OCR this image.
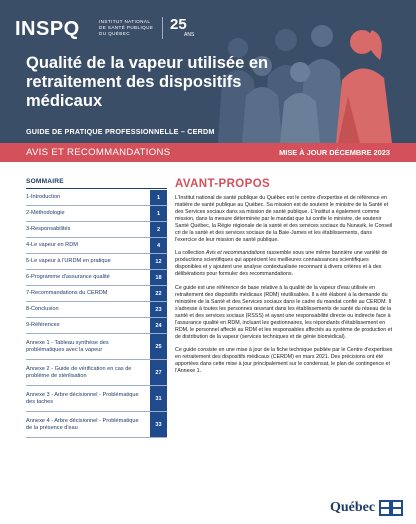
INSPQ	INSTITUT NATIONAL
DE SANTÉ PUBLIQUE
DU QUÉBEC
25
ANS
Qualité de la vapeur utilisée en retraitement des dispositifs médicaux
GUIDE DE PRATIQUE PROFESSIONNELLE – CERDM
AVIS ET RECOMMANDATIONS	MISE À JOUR DÉCEMBRE 2023
SOMMAIRE
1-Introduction	1
2-Méthodologie	1
3-Responsabilités	2
4-Le vapeur en RDM	4
5-Le vapeur à l'URDM en pratique	12
6-Programme d'assurance qualité	18
7-Recommandations du CERDM	22
8-Conclusion	23
9-Références	24
Annexe 1 - Tableau synthèse des problématiques avec la vapeur	25
Annexe 2 - Guide de vérification en cas de problème de stérilisation	27
Annexe 3 - Arbre décisionnel - Problématique des taches	31
Annexe 4 - Arbre décisionnel - Problématique de la présence d'eau	33
AVANT-PROPOS

L'Institut national de santé publique du Québec est le centre d'expertise et de référence en matière de santé publique au Québec. Sa mission est de soutenir le ministre de la Santé et des Services sociaux dans sa mission de santé publique. L'Institut a également comme mission, dans la mesure déterminée par le mandat que lui confie le ministre, de soutenir Santé Québec, la Régie régionale de la santé et des services sociaux du Nunavik, le Conseil cri de la santé et des services sociaux de la Baie-James et les établissements, dans l'exercice de leur mission de santé publique.

La collection Avis et recommandations rassemble sous une même bannière une variété de productions scientifiques qui apprécient les meilleures connaissances scientifiques disponibles et y ajoutent une analyse contextualisée reconnant à divers critères et à des délibérations pour formuler des recommandations.

Ce guide est une référence de base relative à la qualité de la vapeur d'eau utilisée en retraitement des dispositifs médicaux (RDM) réutilisables. Il a été élaboré à la demande du ministère de la Santé et des Services sociaux dans le cadre du mandat confié au CERDM. Il s'adresse à toutes les personnes œuvrant dans les établissements de santé du réseau de la santé et des services sociaux (RSSS) et ayant une responsabilité directe ou indirecte face à l'assurance qualité en RDM, incluant les gestionnaires, les répondants d'établissement en RDM, le personnel affecté au RDM et les responsables affectés au système de production et de distribution de la vapeur (services techniques et de génie biomédical).

Ce guide consiste en une mise à jour de la fiche technique publiée par le Centre d'expertises en retraitement des dispositifs médicaux (CERDM) en mars 2021. Des précisions ont été apportées dans cette mise à jour principalement sur le condensat, le plan de contingence et l'Annexe 1.

Québec
